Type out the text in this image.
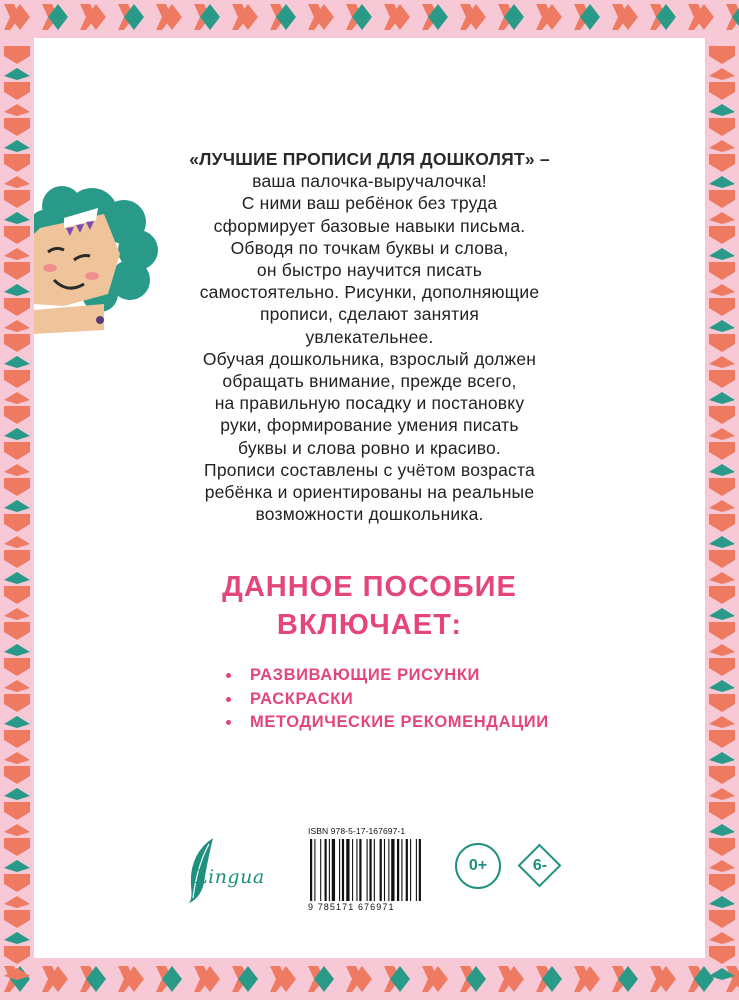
«ЛУЧШИЕ ПРОПИСИ ДЛЯ ДОШКОЛЯТ» –
ваша палочка-выручалочка!
С ними ваш ребёнок без труда
сформирует базовые навыки письма.
Обводя по точкам буквы и слова,
он быстро научится писать
самостоятельно. Рисунки, дополняющие
прописи, сделают занятия
увлекательнее.
Обучая дошкольника, взрослый должен
обращать внимание, прежде всего,
на правильную посадку и постановку
руки, формирование умения писать
буквы и слова ровно и красиво.
Прописи составлены с учётом возраста
ребёнка и ориентированы на реальные
возможности дошкольника.
ДАННОЕ ПОСОБИЕ
ВКЛЮЧАЕТ:
РАЗВИВАЮЩИЕ РИСУНКИ
РАСКРАСКИ
МЕТОДИЧЕСКИЕ РЕКОМЕНДАЦИИ
Lingua
ISBN 978-5-17-167697-1
9 785171 676971
0+	6-
